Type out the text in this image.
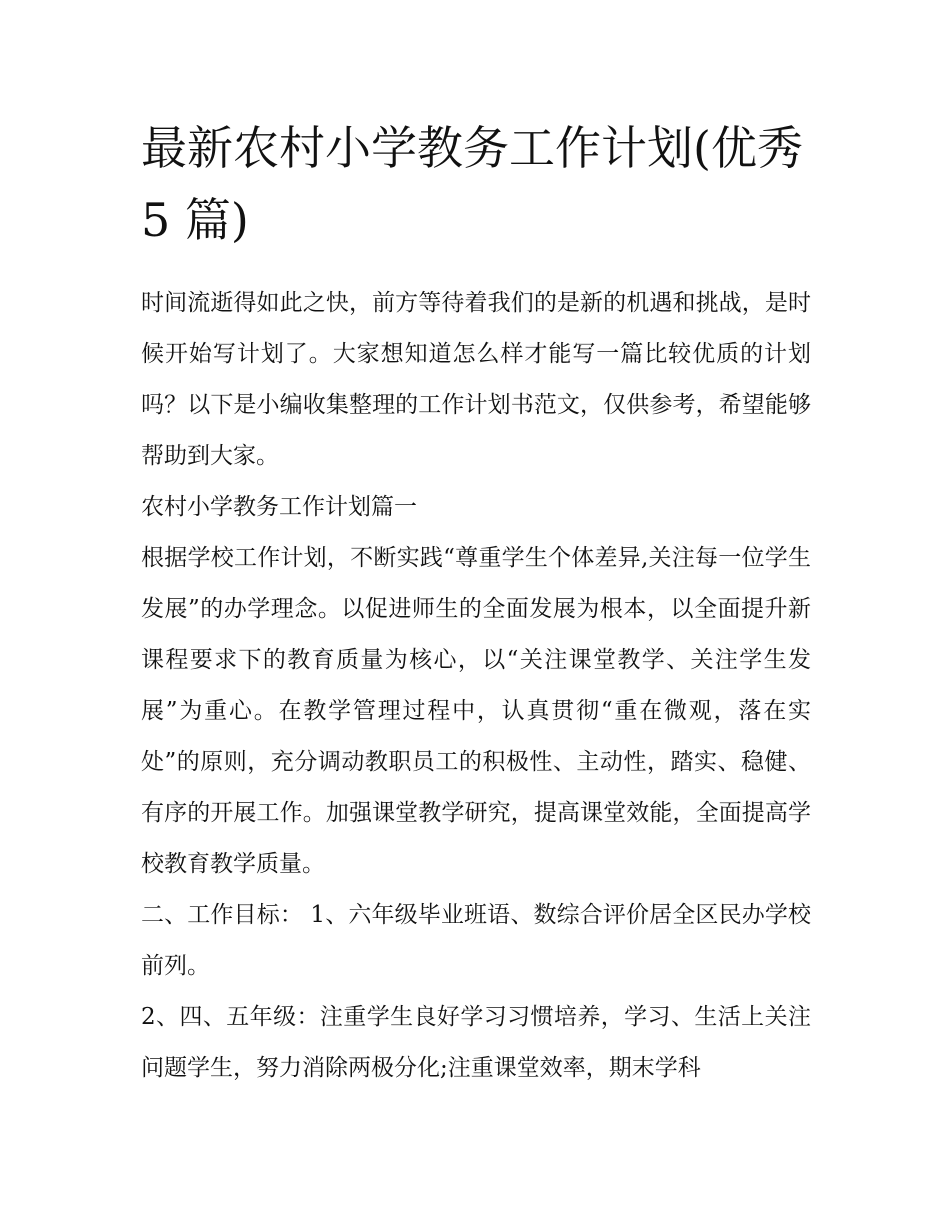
最新农村小学教务工作计划(优秀 5 篇)

时间流逝得如此之快，前方等待着我们的是新的机遇和挑战，是时候开始写计划了。大家想知道怎么样才能写一篇比较优质的计划吗？以下是小编收集整理的工作计划书范文，仅供参考，希望能够帮助到大家。

农村小学教务工作计划篇一

根据学校工作计划，不断实践“尊重学生个体差异,关注每一位学生发展”的办学理念。以促进师生的全面发展为根本，以全面提升新课程要求下的教育质量为核心，以“关注课堂教学、关注学生发展”为重心。在教学管理过程中，认真贯彻“重在微观，落在实处”的原则，充分调动教职员工的积极性、主动性，踏实、稳健、有序的开展工作。加强课堂教学研究，提高课堂效能，全面提高学校教育教学质量。

二、工作目标： 1、六年级毕业班语、数综合评价居全区民办学校前列。

2、四、五年级：注重学生良好学习习惯培养，学习、生活上关注问题学生，努力消除两极分化;注重课堂效率，期末学科
